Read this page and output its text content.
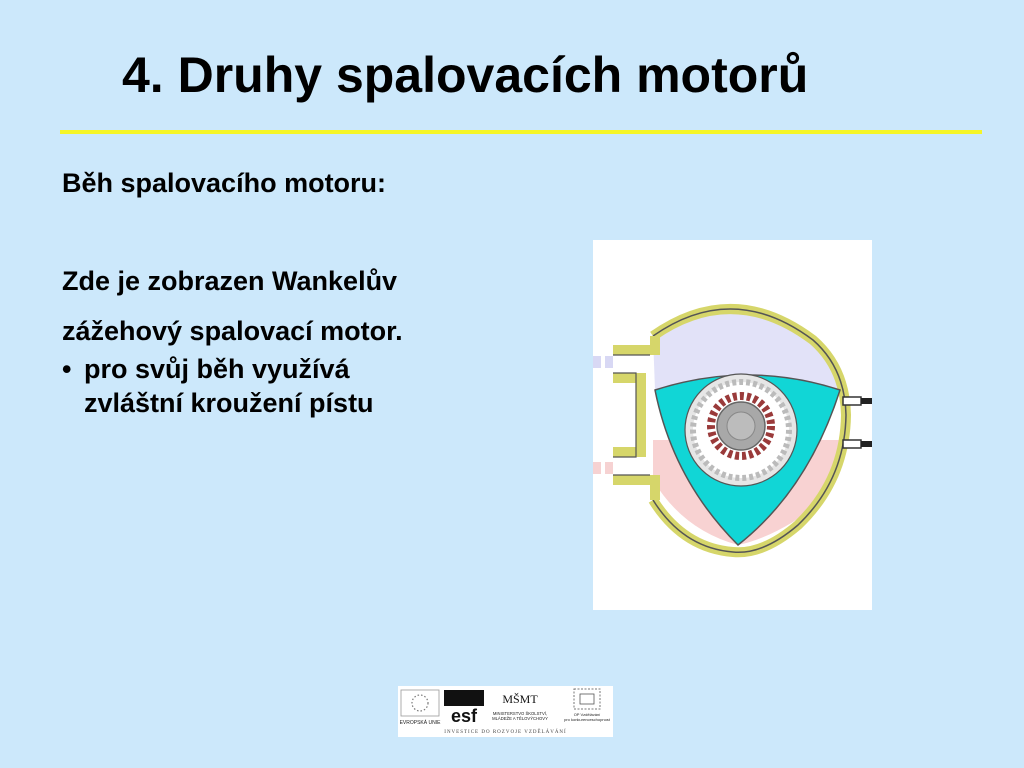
4. Druhy spalovacích motorů
Běh spalovacího motoru:
Zde je zobrazen Wankelův
zážehový spalovací motor.
• pro svůj běh využívá
zvláštní kroužení pístu
EVROPSKÁ UNIE esf
MŠMT
MINISTERSTVO ŠKOLSTVÍ,
MLÁDEŽE A TĚLOVÝCHOVY
OP Vzdělávání
pro konkurenceschopnost
INVESTICE DO ROZVOJE VZDĚLÁVÁNÍ
